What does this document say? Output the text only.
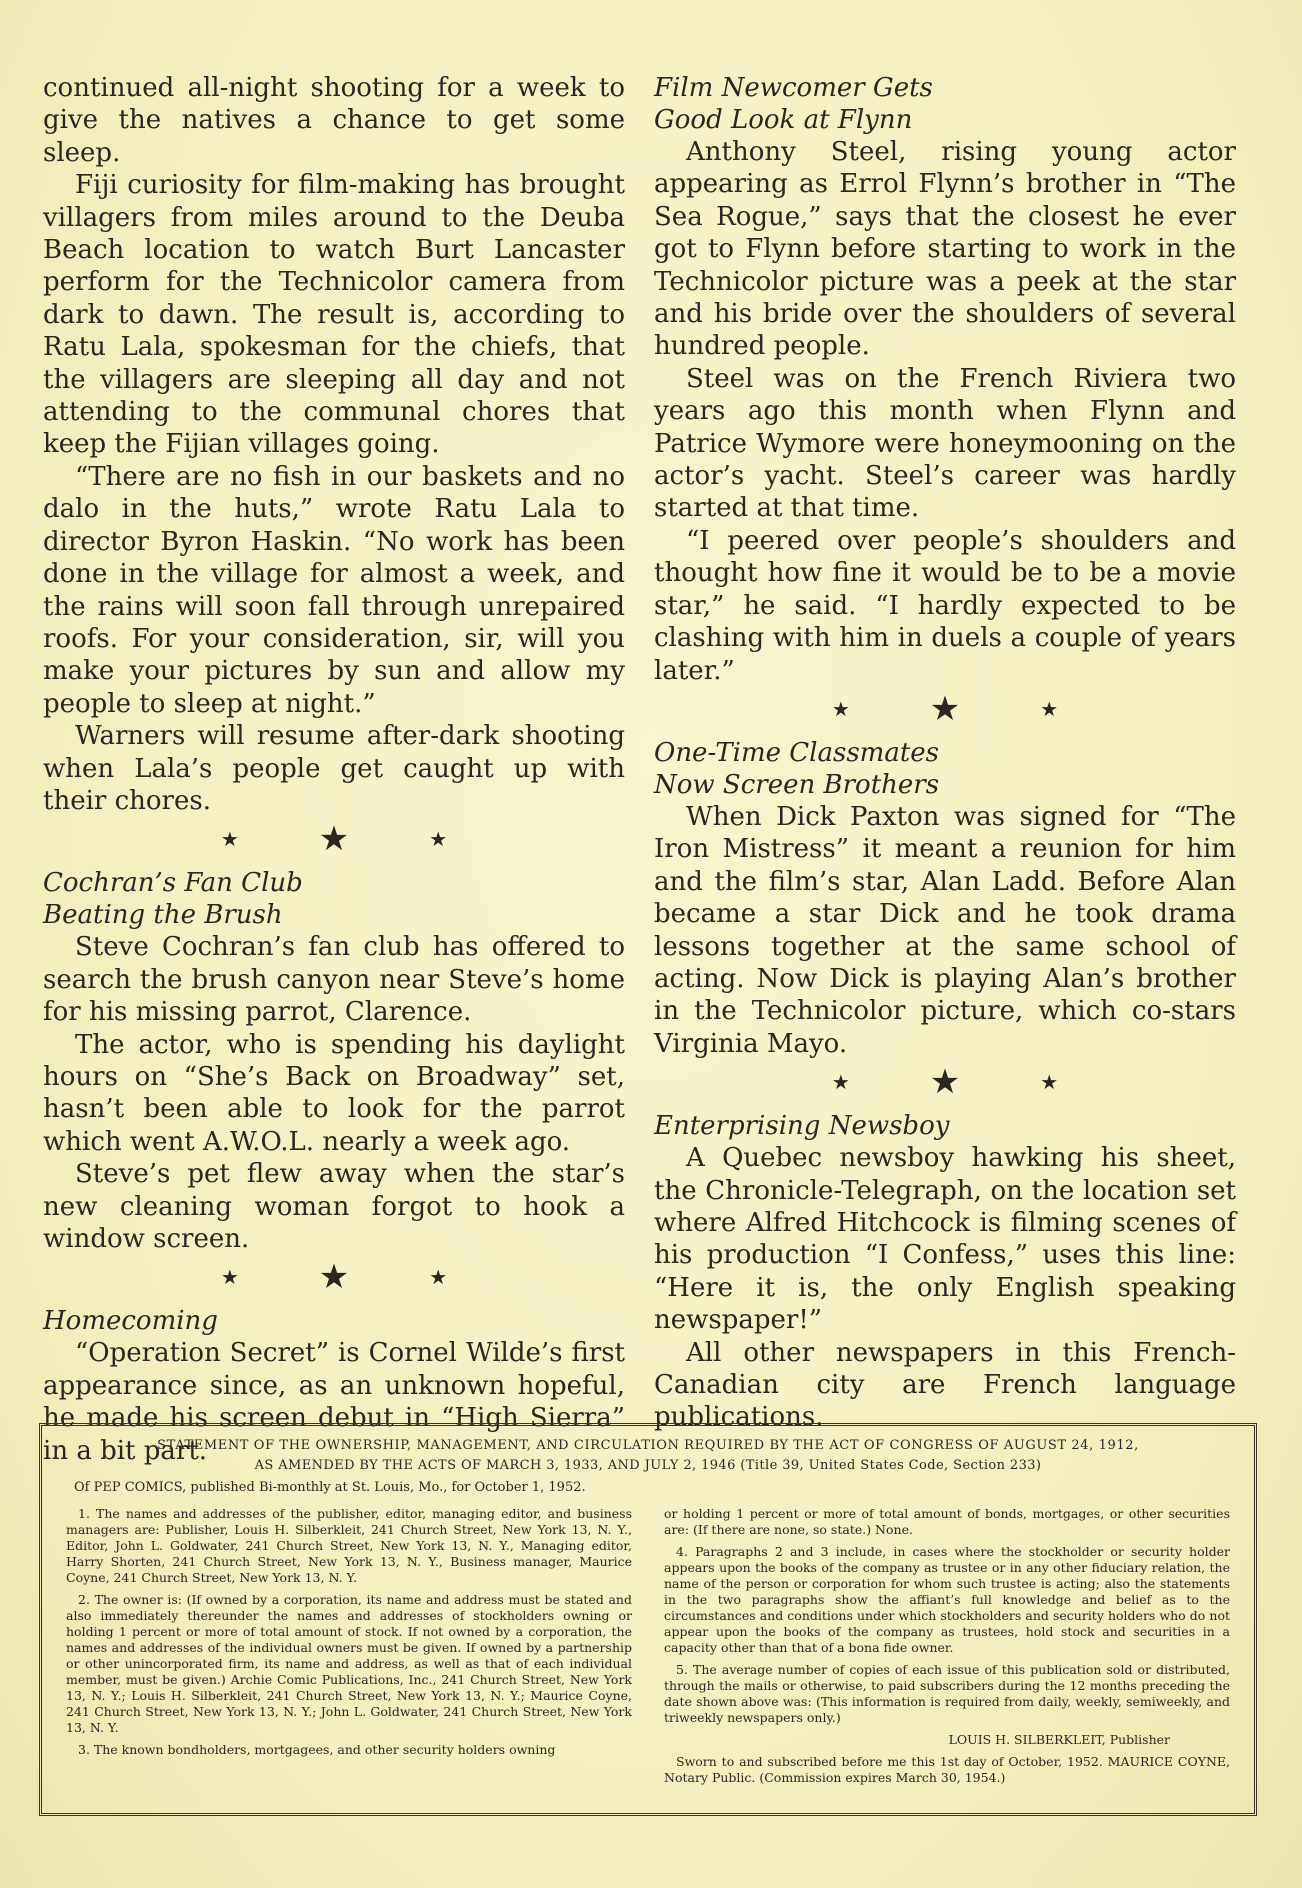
continued all-night shooting for a week to give the natives a chance to get some sleep.

Fiji curiosity for film-making has brought villagers from miles around to the Deuba Beach location to watch Burt Lancaster perform for the Technicolor camera from dark to dawn. The result is, according to Ratu Lala, spokesman for the chiefs, that the villagers are sleeping all day and not attending to the communal chores that keep the Fijian villages going.

“There are no fish in our baskets and no dalo in the huts,” wrote Ratu Lala to director Byron Haskin. “No work has been done in the village for almost a week, and the rains will soon fall through unrepaired roofs. For your consideration, sir, will you make your pictures by sun and allow my people to sleep at night.”

Warners will resume after-dark shooting when Lala’s people get caught up with their chores.

★ ★	★
Cochran’s Fan Club
Beating the Brush

Steve Cochran’s fan club has offered to search the brush canyon near Steve’s home for his missing parrot, Clarence.

The actor, who is spending his daylight hours on “She’s Back on Broadway” set, hasn’t been able to look for the parrot which went A.W.O.L. nearly a week ago.

Steve’s pet flew away when the star’s new cleaning woman forgot to hook a window screen.

★ ★	★
Homecoming

“Operation Secret” is Cornel Wilde’s first appearance since, as an unknown hopeful, he made his screen debut in “High Sierra” in a bit part.

Film Newcomer Gets
Good Look at Flynn

Anthony Steel, rising young actor appearing as Errol Flynn’s brother in “The Sea Rogue,” says that the closest he ever got to Flynn before starting to work in the Technicolor picture was a peek at the star and his bride over the shoulders of several hundred people.

Steel was on the French Riviera two years ago this month when Flynn and Patrice Wymore were honeymooning on the actor’s yacht. Steel’s career was hardly started at that time.

“I peered over people’s shoulders and thought how fine it would be to be a movie star,” he said. “I hardly expected to be clashing with him in duels a couple of years later.”

★ ★	★
One-Time Classmates
Now Screen Brothers

When Dick Paxton was signed for “The Iron Mistress” it meant a reunion for him and the film’s star, Alan Ladd. Before Alan became a star Dick and he took drama lessons together at the same school of acting. Now Dick is playing Alan’s brother in the Technicolor picture, which co-stars Virginia Mayo.

★ ★	★
Enterprising Newsboy

A Quebec newsboy hawking his sheet, the Chronicle-Telegraph, on the location set where Alfred Hitchcock is filming scenes of his production “I Confess,” uses this line: “Here it is, the only English speaking newspaper!”

All other newspapers in this French-Canadian city are French language publications.

STATEMENT OF THE OWNERSHIP, MANAGEMENT, AND CIRCULATION REQUIRED BY THE ACT OF CONGRESS OF AUGUST 24, 1912,
AS AMENDED BY THE ACTS OF MARCH 3, 1933, AND JULY 2, 1946 (Title 39, United States Code, Section 233)
Of PEP COMICS, published Bi-monthly at St. Louis, Mo., for October 1, 1952.

1. The names and addresses of the publisher, editor, managing editor, and business managers are: Publisher, Louis H. Silberkleit, 241 Church Street, New York 13, N. Y., Editor, John L. Goldwater, 241 Church Street, New York 13, N. Y., Managing editor, Harry Shorten, 241 Church Street, New York 13, N. Y., Business manager, Maurice Coyne, 241 Church Street, New York 13, N. Y.

2. The owner is: (If owned by a corporation, its name and address must be stated and also immediately thereunder the names and addresses of stockholders owning or holding 1 percent or more of total amount of stock. If not owned by a corporation, the names and addresses of the individual owners must be given. If owned by a partnership or other unincorporated firm, its name and address, as well as that of each individual member, must be given.) Archie Comic Publications, Inc., 241 Church Street, New York 13, N. Y.; Louis H. Silberkleit, 241 Church Street, New York 13, N. Y.; Maurice Coyne, 241 Church Street, New York 13, N. Y.; John L. Goldwater, 241 Church Street, New York 13, N. Y.

3. The known bondholders, mortgagees, and other security holders owning

or holding 1 percent or more of total amount of bonds, mortgages, or other securities are: (If there are none, so state.) None.

4. Paragraphs 2 and 3 include, in cases where the stockholder or security holder appears upon the books of the company as trustee or in any other fiduciary relation, the name of the person or corporation for whom such trustee is acting; also the statements in the two paragraphs show the affiant’s full knowledge and belief as to the circumstances and conditions under which stockholders and security holders who do not appear upon the books of the company as trustees, hold stock and securities in a capacity other than that of a bona fide owner.

5. The average number of copies of each issue of this publication sold or distributed, through the mails or otherwise, to paid subscribers during the 12 months preceding the date shown above was: (This information is required from daily, weekly, semiweekly, and triweekly newspapers only.)

LOUIS H. SILBERKLEIT, Publisher

Sworn to and subscribed before me this 1st day of October, 1952. MAURICE COYNE, Notary Public. (Commission expires March 30, 1954.)
